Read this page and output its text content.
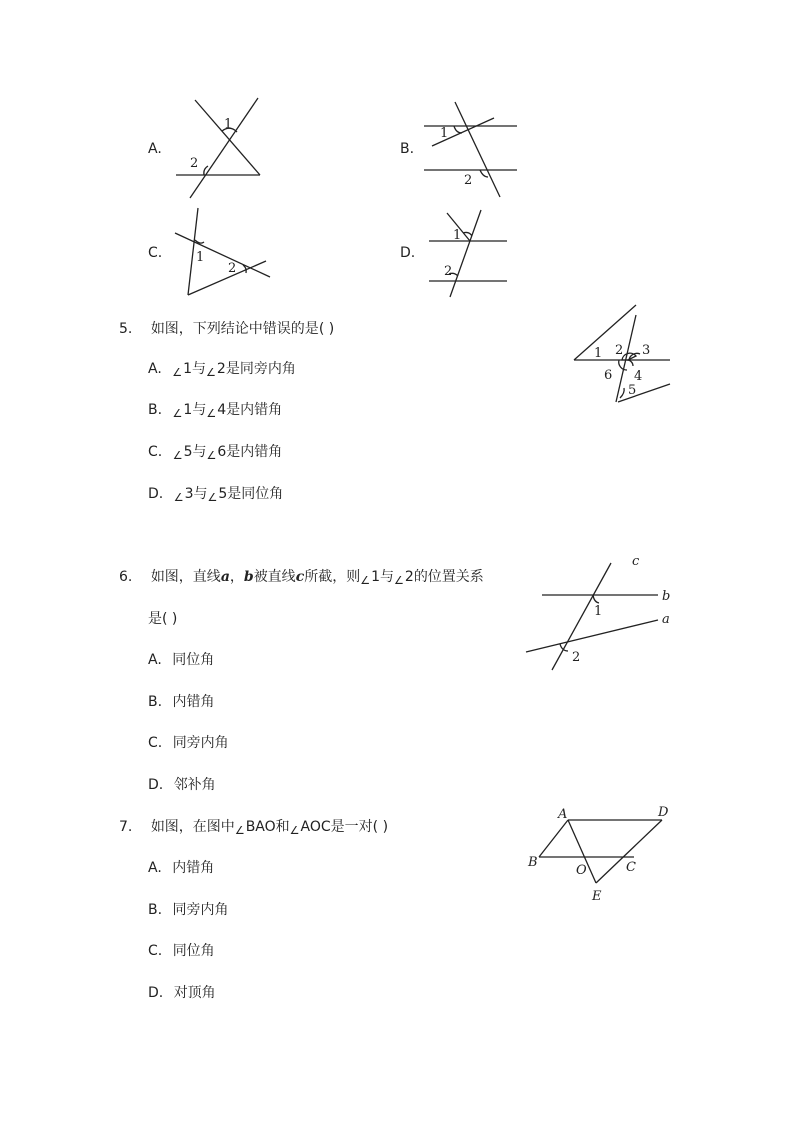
A.
1
2
B.
1
2
C.	1
2
D.
1
2
5. 如图，下列结论中错误的是( )
1 2 3
4
5
6
A. $_\angle$1与$_\angle$2是同旁内角
B. $_\angle$1与$_\angle$4是内错角
C. $_\angle$5与$_\angle$6是内错角
D. $_\angle$3与$_\angle$5是同位角
6. 如图，直线a，b被直线c所截，则$_\angle$1与$_\angle$2的位置关系
是( )
c
b
a
1
2
A. 同位角
B. 内错角
C. 同旁内角
D. 邻补角
7. 如图，在图中$_\angle$BAO和$_\angle$AOC是一对( )
A	D
B	C
O
E
A. 内错角
B. 同旁内角
C. 同位角
D. 对顶角
